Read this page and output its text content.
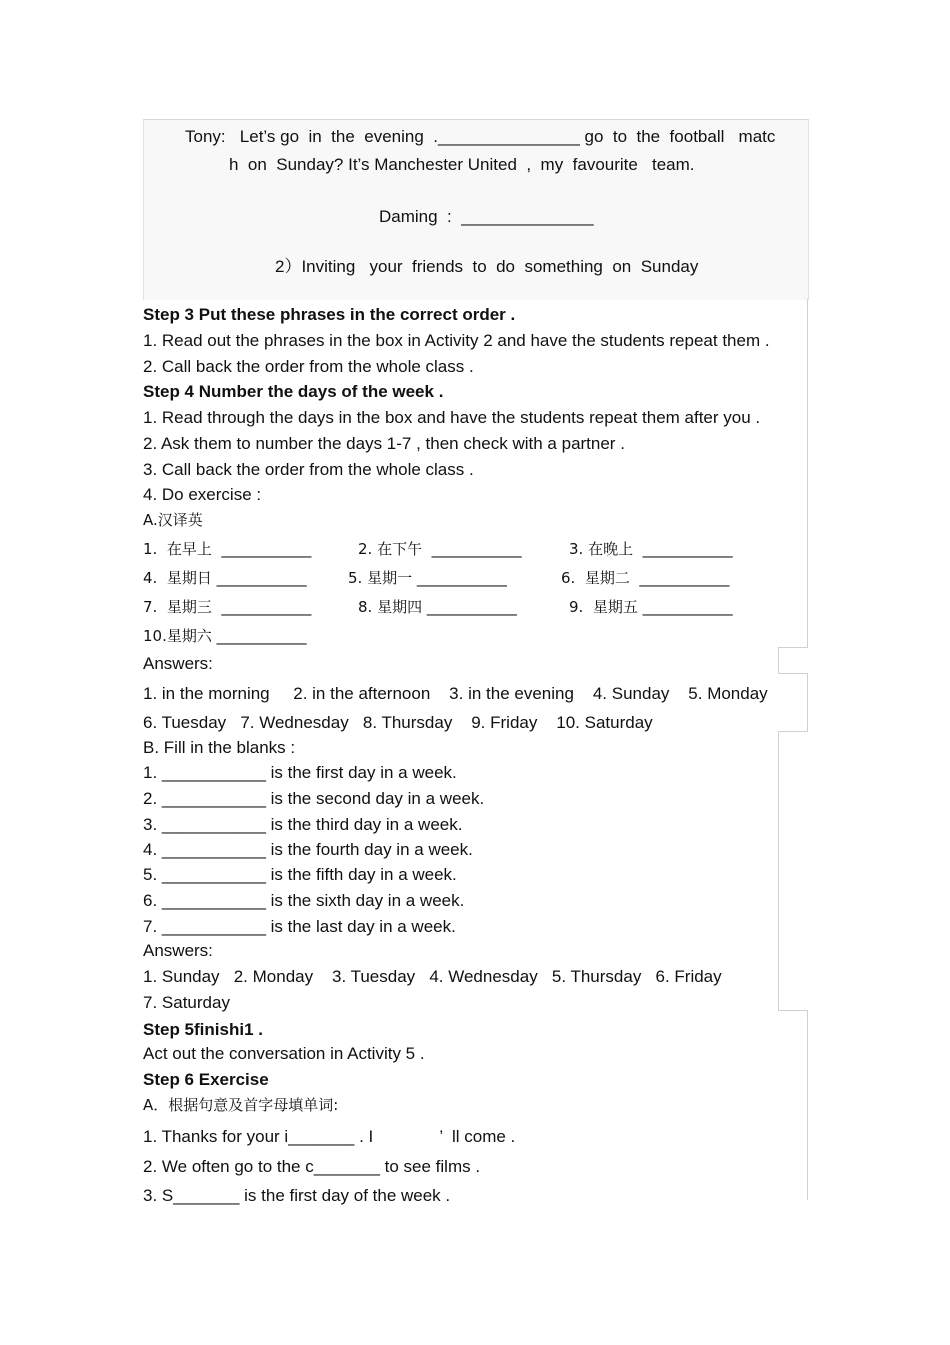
Tony:   Let’s go  in  the  evening  ._______________ go  to  the  football   matc
h  on  Sunday? It’s Manchester United  ,  my  favourite   team.
Daming  :  ______________
2）Inviting   your  friends  to  do  something  on  Sunday
Step 3 Put these phrases in the correct order .
1. Read out the phrases in the box in Activity 2 and have the students repeat them .
2. Call back the order from the whole class .
Step 4 Number the days of the week .
1. Read through the days in the box and have the students repeat them after you .
2. Ask them to number the days 1-7 , then check with a partner .
3. Call back the order from the whole class .
4. Do exercise :
A.汉译英
1.  在早上  ____________	2. 在下午  ____________	3. 在晚上  ____________
4.  星期日 ____________	5. 星期一 ____________	6.  星期二  ____________
7.  星期三  ____________	8. 星期四 ____________	9.  星期五 ____________
10.星期六 ____________
Answers:
1. in the morning     2. in the afternoon    3. in the evening    4. Sunday    5. Monday
6. Tuesday   7. Wednesday   8. Thursday    9. Friday    10. Saturday
B. Fill in the blanks :
1. ___________ is the first day in a week.
2. ___________ is the second day in a week.
3. ___________ is the third day in a week.
4. ___________ is the fourth day in a week.
5. ___________ is the fifth day in a week.
6. ___________ is the sixth day in a week.
7. ___________ is the last day in a week.
Answers:
1. Sunday   2. Monday    3. Tuesday   4. Wednesday   5. Thursday   6. Friday
7. Saturday
Step 5finishi1 .
Act out the conversation in Activity 5 .
Step 6 Exercise
A．根据句意及首字母填单词:
1. Thanks for your i_______ . I              ’  ll come .
2. We often go to the c_______ to see films .
3. S_______ is the first day of the week .
